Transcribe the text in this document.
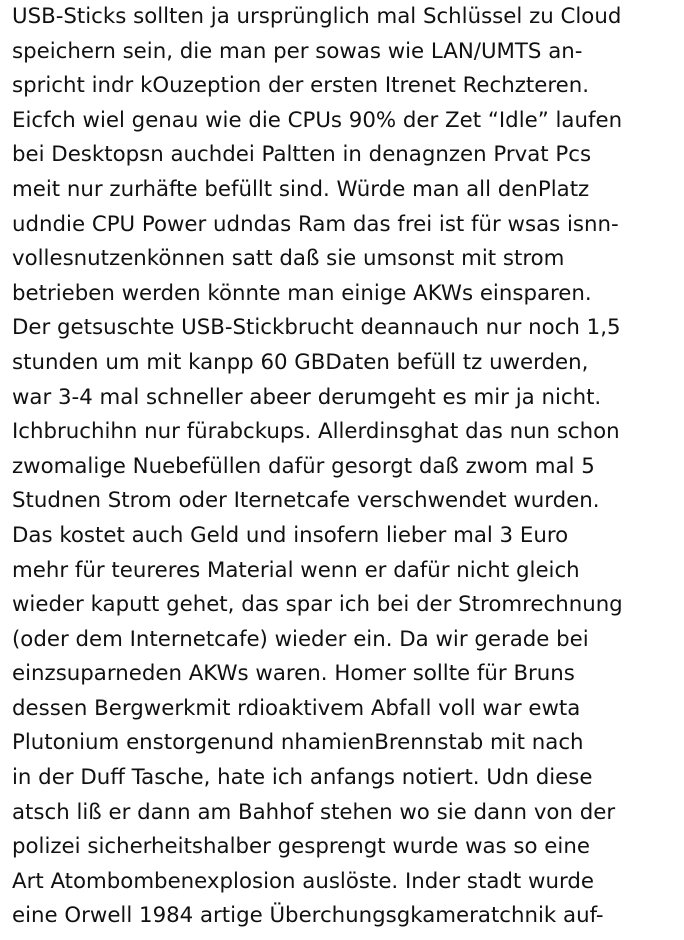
USB-Sticks sollten ja ursprünglich mal Schlüssel zu Cloud
speichern sein, die man per sowas wie LAN/UMTS an-
spricht indr kOuzeption der ersten Itrenet Rechzteren.
Eicfch wiel genau wie die CPUs 90% der Zet “Idle” laufen
bei Desktopsn auchdei Paltten in denagnzen Prvat Pcs
meit nur zurhäfte befüllt sind. Würde man all denPlatz
udndie CPU Power udndas Ram das frei ist für wsas isnn-
vollesnutzenkönnen satt daß sie umsonst mit strom
betrieben werden könnte man einige AKWs einsparen.
Der getsuschte USB-Stickbrucht deannauch nur noch 1,5
stunden um mit kanpp 60 GBDaten befüll tz uwerden,
war 3-4 mal schneller abeer derumgeht es mir ja nicht.
Ichbruchihn nur fürabckups. Allerdinsghat das nun schon
zwomalige Nuebefüllen dafür gesorgt daß zwom mal 5
Studnen Strom oder Iternetcafe verschwendet wurden.
Das kostet auch Geld und insofern lieber mal 3 Euro
mehr für teureres Material wenn er dafür nicht gleich
wieder kaputt gehet, das spar ich bei der Stromrechnung
(oder dem Internetcafe) wieder ein. Da wir gerade bei
einzsuparneden AKWs waren. Homer sollte für Bruns
dessen Bergwerkmit rdioaktivem Abfall voll war ewta
Plutonium enstorgenund nhamienBrennstab mit nach
in der Duff Tasche, hate ich anfangs notiert. Udn diese
atsch liß er dann am Bahhof stehen wo sie dann von der
polizei sicherheitshalber gesprengt wurde was so eine
Art Atombombenexplosion auslöste. Inder stadt wurde
eine Orwell 1984 artige Überchungsgkameratchnik auf-
